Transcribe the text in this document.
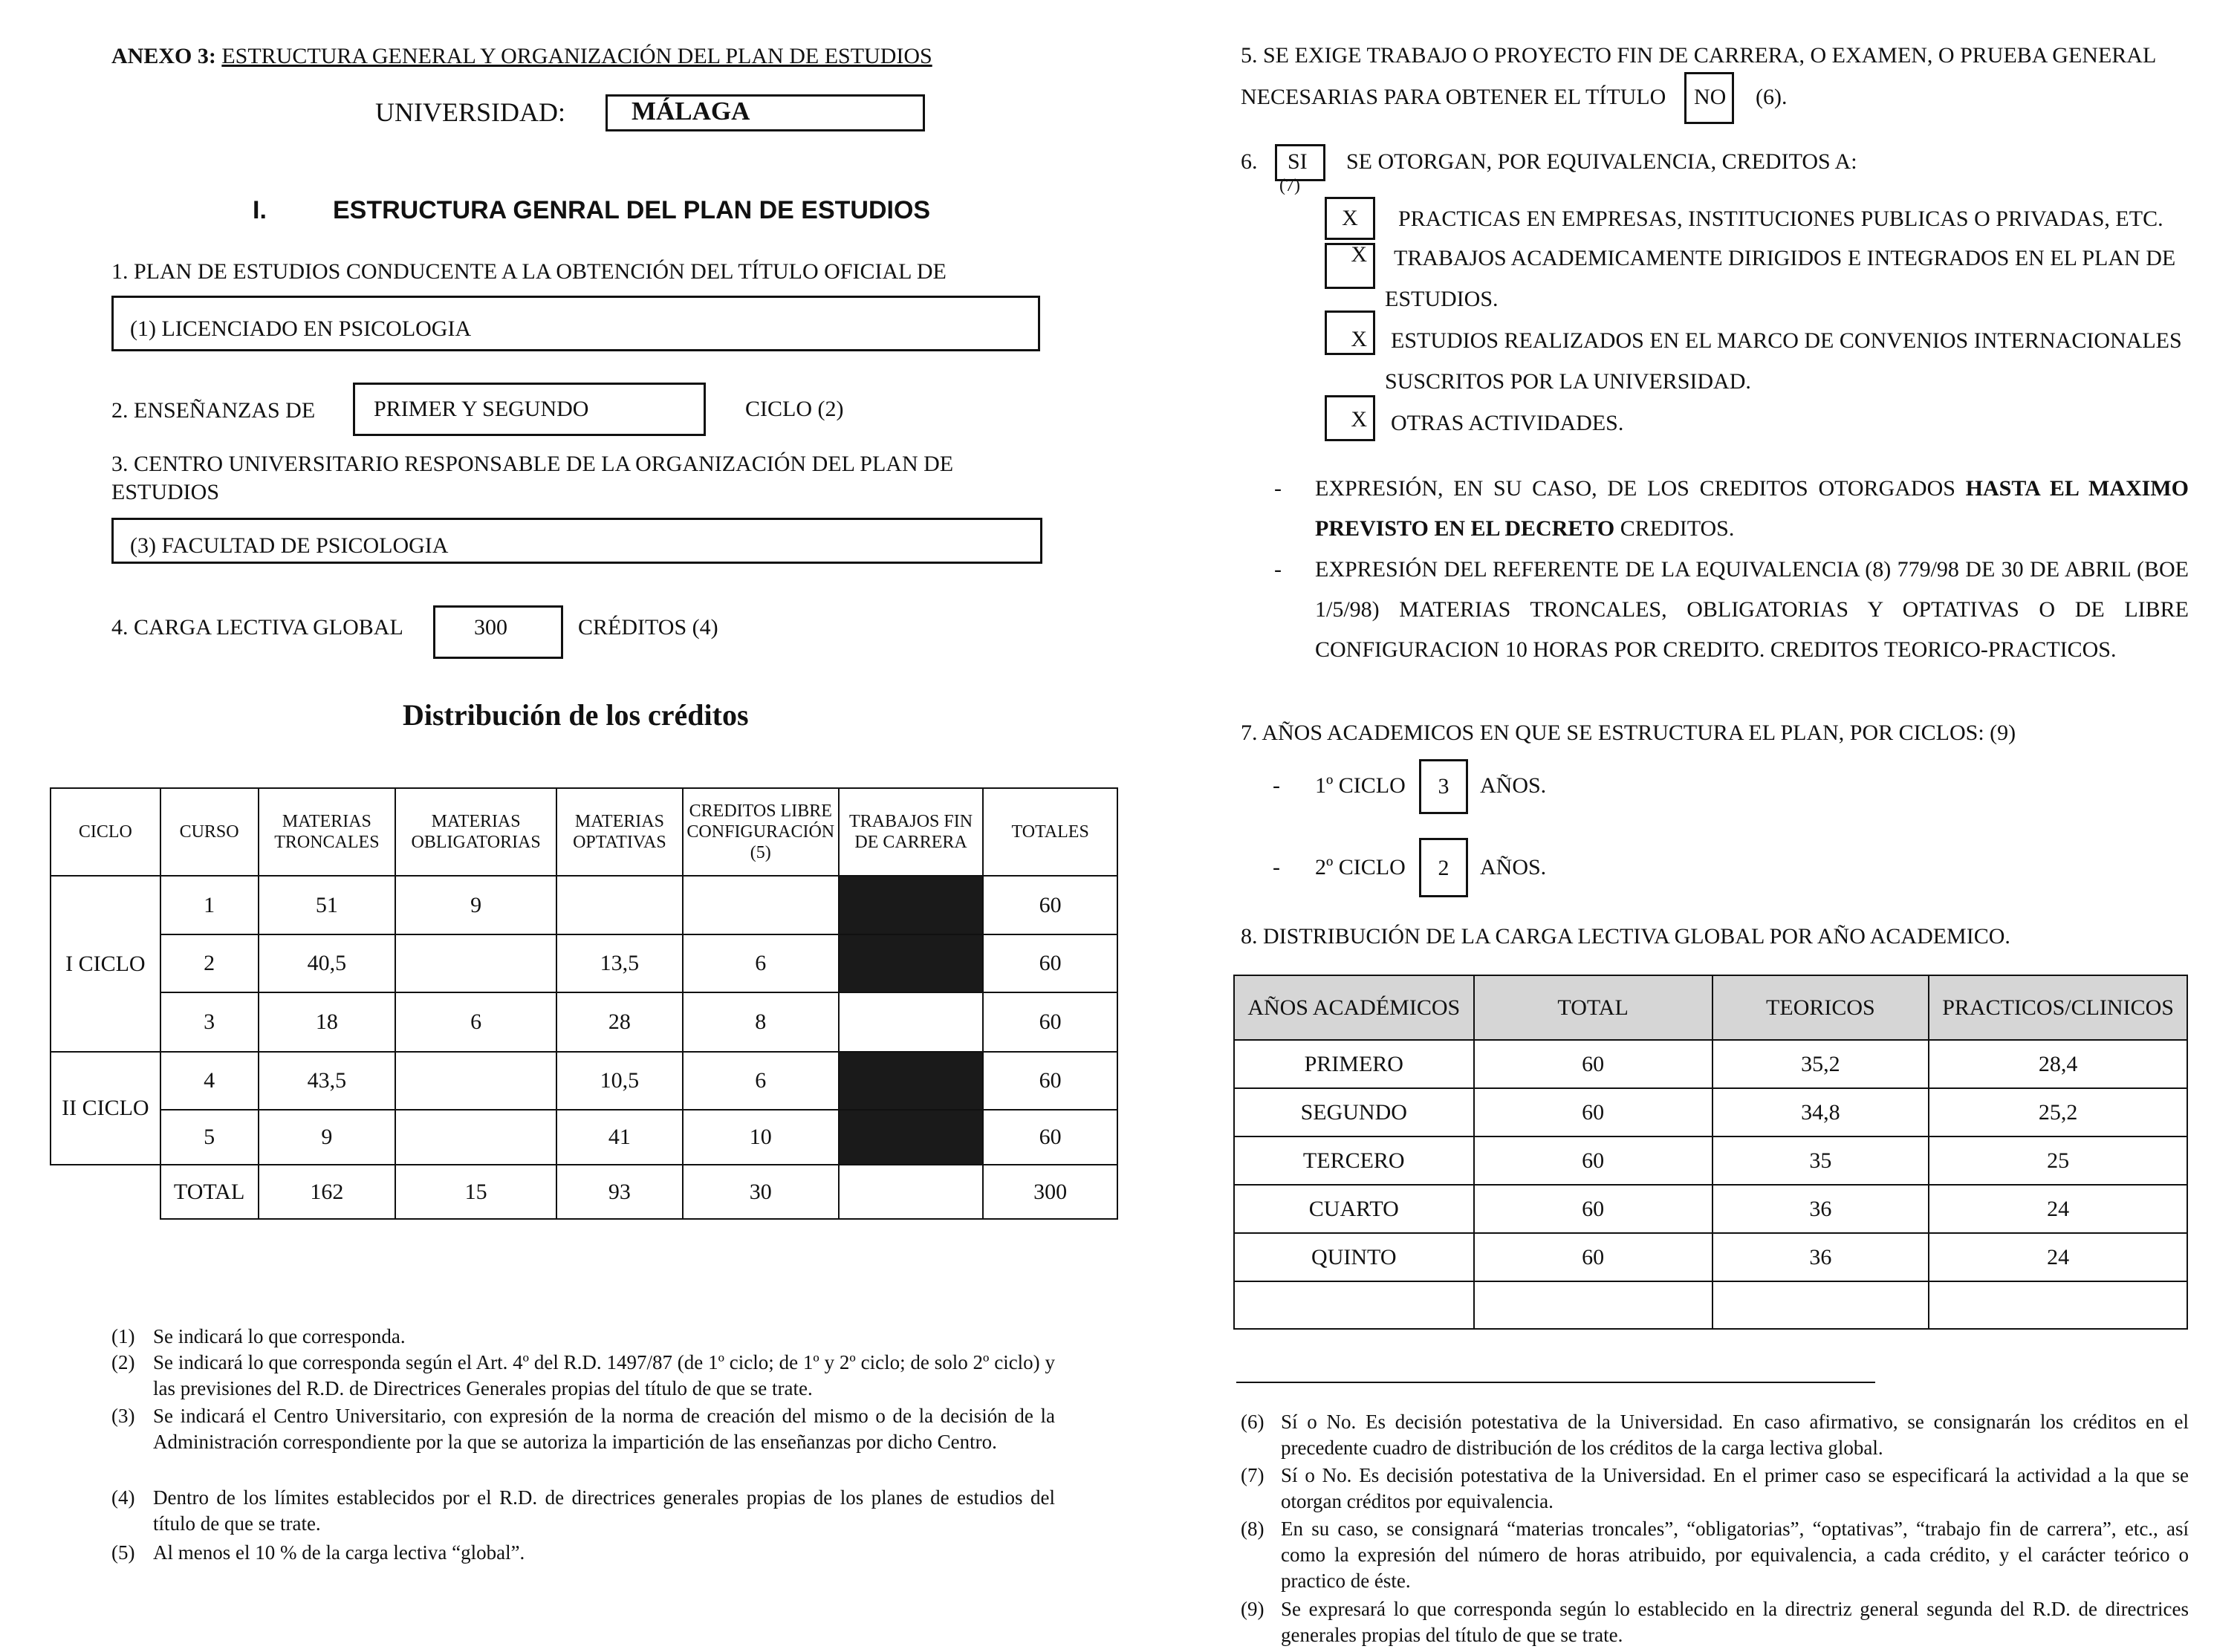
ANEXO 3: ESTRUCTURA GENERAL Y ORGANIZACIÓN DEL PLAN DE ESTUDIOS
UNIVERSIDAD:	MÁLAGA
I.	ESTRUCTURA GENRAL DEL PLAN DE ESTUDIOS
1. PLAN DE ESTUDIOS CONDUCENTE A LA OBTENCIÓN DEL TÍTULO OFICIAL DE
(1) LICENCIADO EN PSICOLOGIA
2. ENSEÑANZAS DE	PRIMER Y SEGUNDO	CICLO (2)
3. CENTRO UNIVERSITARIO RESPONSABLE DE LA ORGANIZACIÓN DEL PLAN DE
ESTUDIOS
(3) FACULTAD DE PSICOLOGIA
4. CARGA LECTIVA GLOBAL	300	CRÉDITOS (4)
Distribución de los créditos
CICLO	CURSO	MATERIAS TRONCALES	MATERIAS OBLIGATORIAS	MATERIAS OPTATIVAS	CREDITOS LIBRE CONFIGURACIÓN (5)	TRABAJOS FIN DE CARRERA	TOTALES
I CICLO	1	51	9				60
	2	40,5		13,5	6		60
	3	18	6	28	8		60
II CICLO	4	43,5		10,5	6		60
	5	9		41	10		60
	TOTAL	162	15	93	30		300
(1) Se indicará lo que corresponda.
(2) Se indicará lo que corresponda según el Art. 4º del R.D. 1497/87 (de 1º ciclo; de 1º y 2º ciclo; de solo 2º ciclo) y las previsiones del R.D. de Directrices Generales propias del título de que se trate.
(3) Se indicará el Centro Universitario, con expresión de la norma de creación del mismo o de la decisión de la Administración correspondiente por la que se autoriza la impartición de las enseñanzas por dicho Centro.
(4) Dentro de los límites establecidos por el R.D. de directrices generales propias de los planes de estudios del título de que se trate.
(5) Al menos el 10 % de la carga lectiva “global”.
5. SE EXIGE TRABAJO O PROYECTO FIN DE CARRERA, O EXAMEN, O PRUEBA GENERAL
NECESARIAS PARA OBTENER EL TÍTULO NO (6).
6. SI
(7)
SE OTORGAN, POR EQUIVALENCIA, CREDITOS A:
X	PRACTICAS EN EMPRESAS, INSTITUCIONES PUBLICAS O PRIVADAS, ETC.
X	TRABAJOS ACADEMICAMENTE DIRIGIDOS E INTEGRADOS EN EL PLAN DE
ESTUDIOS.
X	ESTUDIOS REALIZADOS EN EL MARCO DE CONVENIOS INTERNACIONALES
SUSCRITOS POR LA UNIVERSIDAD.
X	OTRAS ACTIVIDADES.
- EXPRESIÓN, EN SU CASO, DE LOS CREDITOS OTORGADOS HASTA EL MAXIMO PREVISTO EN EL DECRETO CREDITOS.
- EXPRESIÓN DEL REFERENTE DE LA EQUIVALENCIA (8) 779/98 DE 30 DE ABRIL (BOE 1/5/98) MATERIAS TRONCALES, OBLIGATORIAS Y OPTATIVAS O DE LIBRE CONFIGURACION 10 HORAS POR CREDITO. CREDITOS TEORICO-PRACTICOS.
7. AÑOS ACADEMICOS EN QUE SE ESTRUCTURA EL PLAN, POR CICLOS: (9)
- 1º CICLO	3	AÑOS.
- 2º CICLO	2	AÑOS.
8. DISTRIBUCIÓN DE LA CARGA LECTIVA GLOBAL POR AÑO ACADEMICO.
AÑOS ACADÉMICOS	TOTAL	TEORICOS	PRACTICOS/CLINICOS
PRIMERO	60	35,2	28,4
SEGUNDO	60	34,8	25,2
TERCERO	60	35	25
CUARTO	60	36	24
QUINTO	60	36	24

(6) Sí o No. Es decisión potestativa de la Universidad. En caso afirmativo, se consignarán los créditos en el precedente cuadro de distribución de los créditos de la carga lectiva global.
(7) Sí o No. Es decisión potestativa de la Universidad. En el primer caso se especificará la actividad a la que se otorgan créditos por equivalencia.
(8) En su caso, se consignará “materias troncales”, “obligatorias”, “optativas”, “trabajo fin de carrera”, etc., así como la expresión del número de horas atribuido, por equivalencia, a cada crédito, y el carácter teórico o practico de éste.
(9) Se expresará lo que corresponda según lo establecido en la directriz general segunda del R.D. de directrices generales propias del título de que se trate.
